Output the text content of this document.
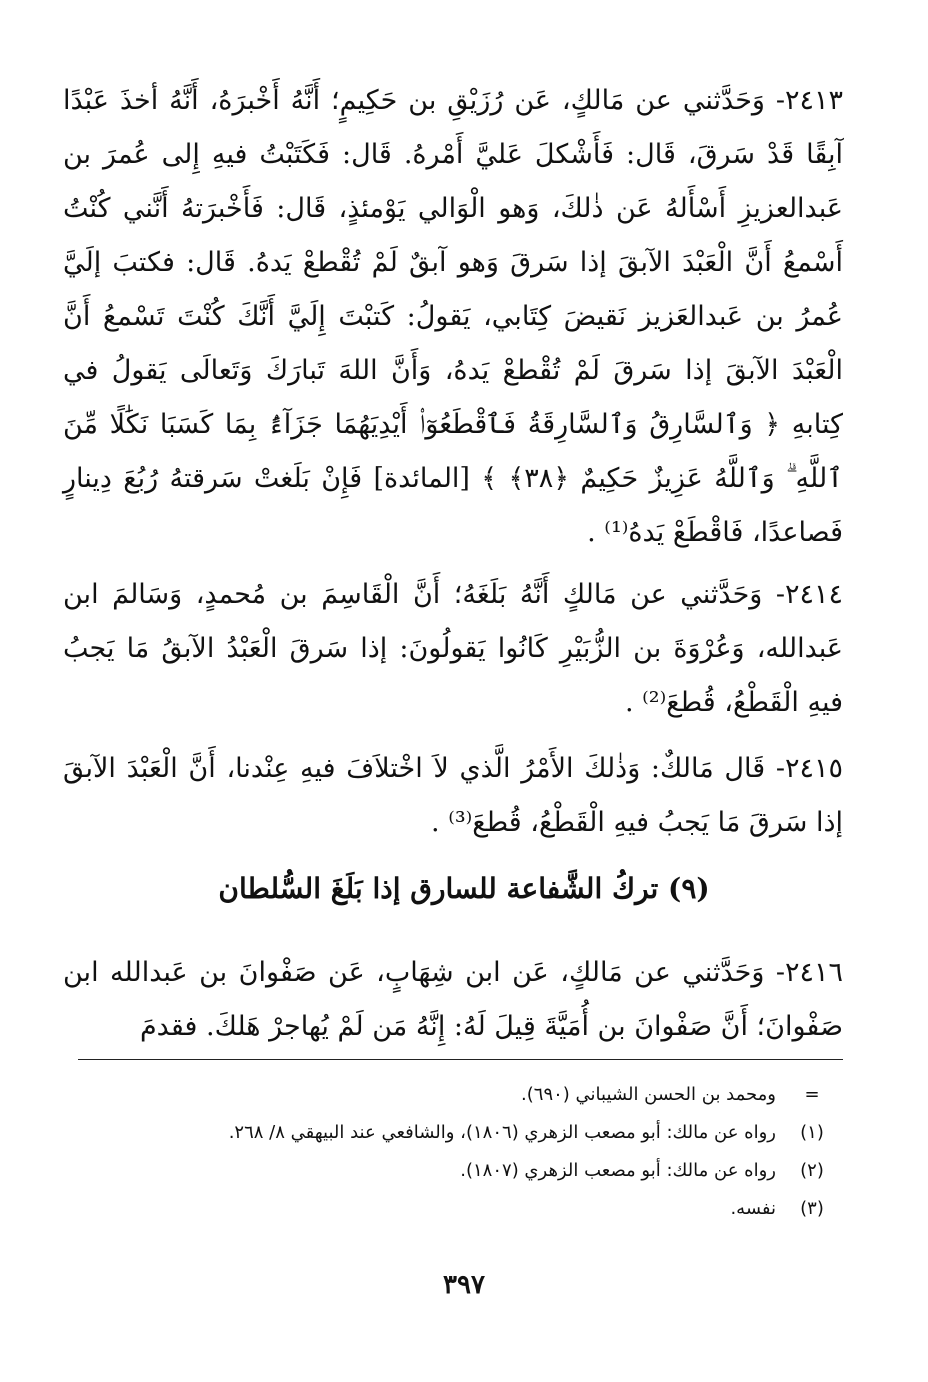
٢٤١٣- وَحَدَّثني عن مَالكٍ، عَن رُزَيْقِ بن حَكِيمٍ؛ أَنَّهُ أَخْبرَهُ، أَنَّهُ أخذَ عَبْدًا آبِقًا قَدْ سَرقَ، قَال: فَأَشْكلَ عَليَّ أَمْرهُ. قَال: فَكَتَبْتُ فيهِ إِلى عُمرَ بن عَبدالعزيزِ أَسْأَلهُ عَن ذٰلكَ، وَهو الْوَالي يَوْمئذٍ، قَال: فَأَخْبرَتهُ أَنَّني كُنْتُ أَسْمعُ أَنَّ الْعَبْدَ الآبقَ إذا سَرقَ وَهو آبقٌ لَمْ تُقْطعْ يَدهُ. قَال: فكتبَ إلَيَّ عُمرُ بن عَبدالعَزيز نَقيضَ كِتَابي، يَقولُ: كَتبْتَ إِلَيَّ أَنَّكَ كُنْتَ تَسْمعُ أَنَّ الْعَبْدَ الآبقَ إذا سَرقَ لَمْ تُقْطعْ يَدهُ، وَأَنَّ اللهَ تَبارَكَ وَتَعالَى يَقولُ في كِتابهِ ﴿ وَٱلسَّارِقُ وَٱلسَّارِقَةُ فَٱقْطَعُوٓا۟ أَيْدِيَهُمَا جَزَآءًۢ بِمَا كَسَبَا نَكَٰلًا مِّنَ ٱللَّهِ ۗ وَٱللَّهُ عَزِيزٌ حَكِيمٌ ﴿٣٨﴾ ﴾ [المائدة] فَإِنْ بَلَغتْ سَرقتهُ رُبُعَ دِينارٍ فَصاعدًا، فَاقْطَعْ يَدهُ⁽¹⁾ .
٢٤١٤- وَحَدَّثني عن مَالكٍ أَنَّهُ بَلَغَهُ؛ أَنَّ الْقَاسِمَ بن مُحمدٍ، وَسَالمَ ابن عَبدالله، وَعُرْوَةَ بن الزُّبَيْرِ كَانُوا يَقولُونَ: إذا سَرقَ الْعَبْدُ الآبقُ مَا يَجبُ فيهِ الْقَطْعُ، قُطعَ⁽²⁾ .
٢٤١٥- قَال مَالكٌ: وَذٰلكَ الأَمْرُ الَّذي لاَ اخْتلاَفَ فيهِ عِنْدنا، أَنَّ الْعَبْدَ الآبقَ إذا سَرقَ مَا يَجبُ فيهِ الْقَطْعُ، قُطعَ⁽³⁾ .
(٩) تركُ الشَّفاعة للسارق إذا بَلَغَ السُّلطان
٢٤١٦- وَحَدَّثني عن مَالكٍ، عَن ابن شِهَابٍ، عَن صَفْوانَ بن عَبدالله ابن صَفْوانَ؛ أَنَّ صَفْوانَ بن أُمَيَّةَ قِيلَ لَهُ: إِنَّهُ مَن لَمْ يُهاجرْ هَلكَ. فقدمَ
=
ومحمد بن الحسن الشيباني (٦٩٠).
(١)
رواه عن مالك: أبو مصعب الزهري (١٨٠٦)، والشافعي عند البيهقي ٨/ ٢٦٨.
(٢)
رواه عن مالك: أبو مصعب الزهري (١٨٠٧).
(٣)
نفسه.
٣٩٧
